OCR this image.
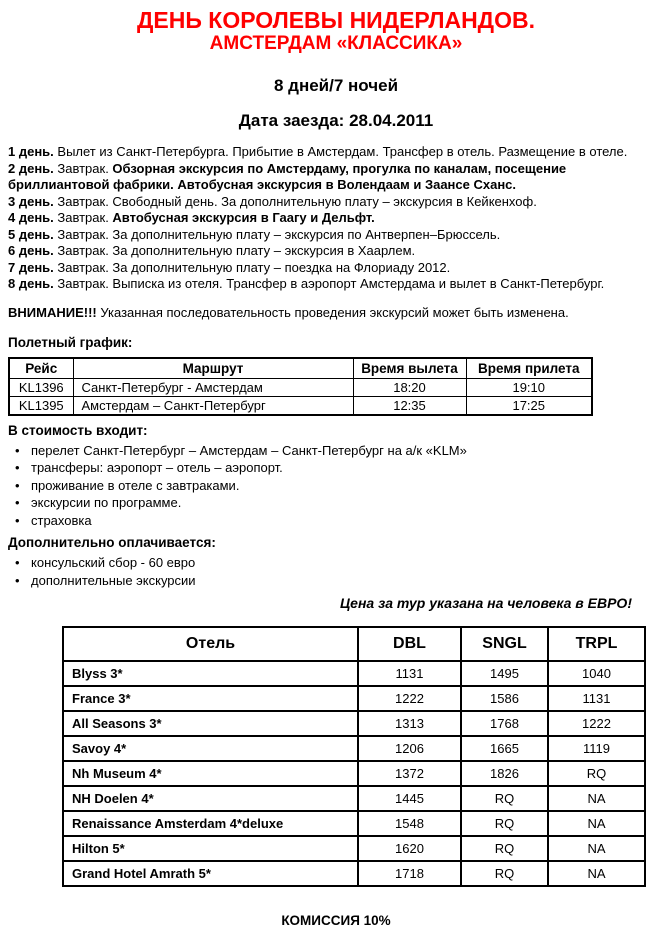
ДЕНЬ КОРОЛЕВЫ НИДЕРЛАНДОВ.
АМСТЕРДАМ «КЛАССИКА»
8 дней/7 ночей
Дата заезда: 28.04.2011
1 день. Вылет из Санкт-Петербурга. Прибытие в Амстердам. Трансфер в отель. Размещение в отеле.
2 день. Завтрак. Обзорная экскурсия по Амстердаму, прогулка по каналам, посещение бриллиантовой фабрики. Автобусная экскурсия в Волендаам и Заансе Сханс.
3 день. Завтрак. Свободный день. За дополнительную плату – экскурсия в Кейкенхоф.
4 день. Завтрак. Автобусная экскурсия в Гаагу и Дельфт.
5 день. Завтрак. За дополнительную плату – экскурсия по Антверпен–Брюссель.
6 день. Завтрак. За дополнительную плату – экскурсия в Хаарлем.
7 день. Завтрак. За дополнительную плату – поездка на Флориаду 2012.
8 день. Завтрак. Выписка из отеля. Трансфер в аэропорт Амстердама и вылет в Санкт-Петербург.
ВНИМАНИЕ!!! Указанная последовательность проведения экскурсий может быть изменена.
Полетный график:
Рейс	Маршрут	Время вылета	Время прилета
KL1396	Санкт-Петербург - Амстердам	18:20	19:10
KL1395	Амстердам – Санкт-Петербург	12:35	17:25
В стоимость входит:
• перелет Санкт-Петербург – Амстердам – Санкт-Петербург на а/к «KLM»
• трансферы: аэропорт – отель – аэропорт.
• проживание в отеле с завтраками.
• экскурсии по программе.
• страховка
Дополнительно оплачивается:
• консульский сбор - 60 евро
• дополнительные экскурсии
Цена за тур указана на человека в ЕВРО!
Отель	DBL	SNGL	TRPL
Blyss 3*	1131	1495	1040
France 3*	1222	1586	1131
All Seasons 3*	1313	1768	1222
Savoy 4*	1206	1665	1119
Nh Museum 4*	1372	1826	RQ
NH Doelen 4*	1445	RQ	NA
Renaissance Amsterdam 4*deluxe	1548	RQ	NA
Hilton 5*	1620	RQ	NA
Grand Hotel Amrath 5*	1718	RQ	NA
КОМИССИЯ 10%
